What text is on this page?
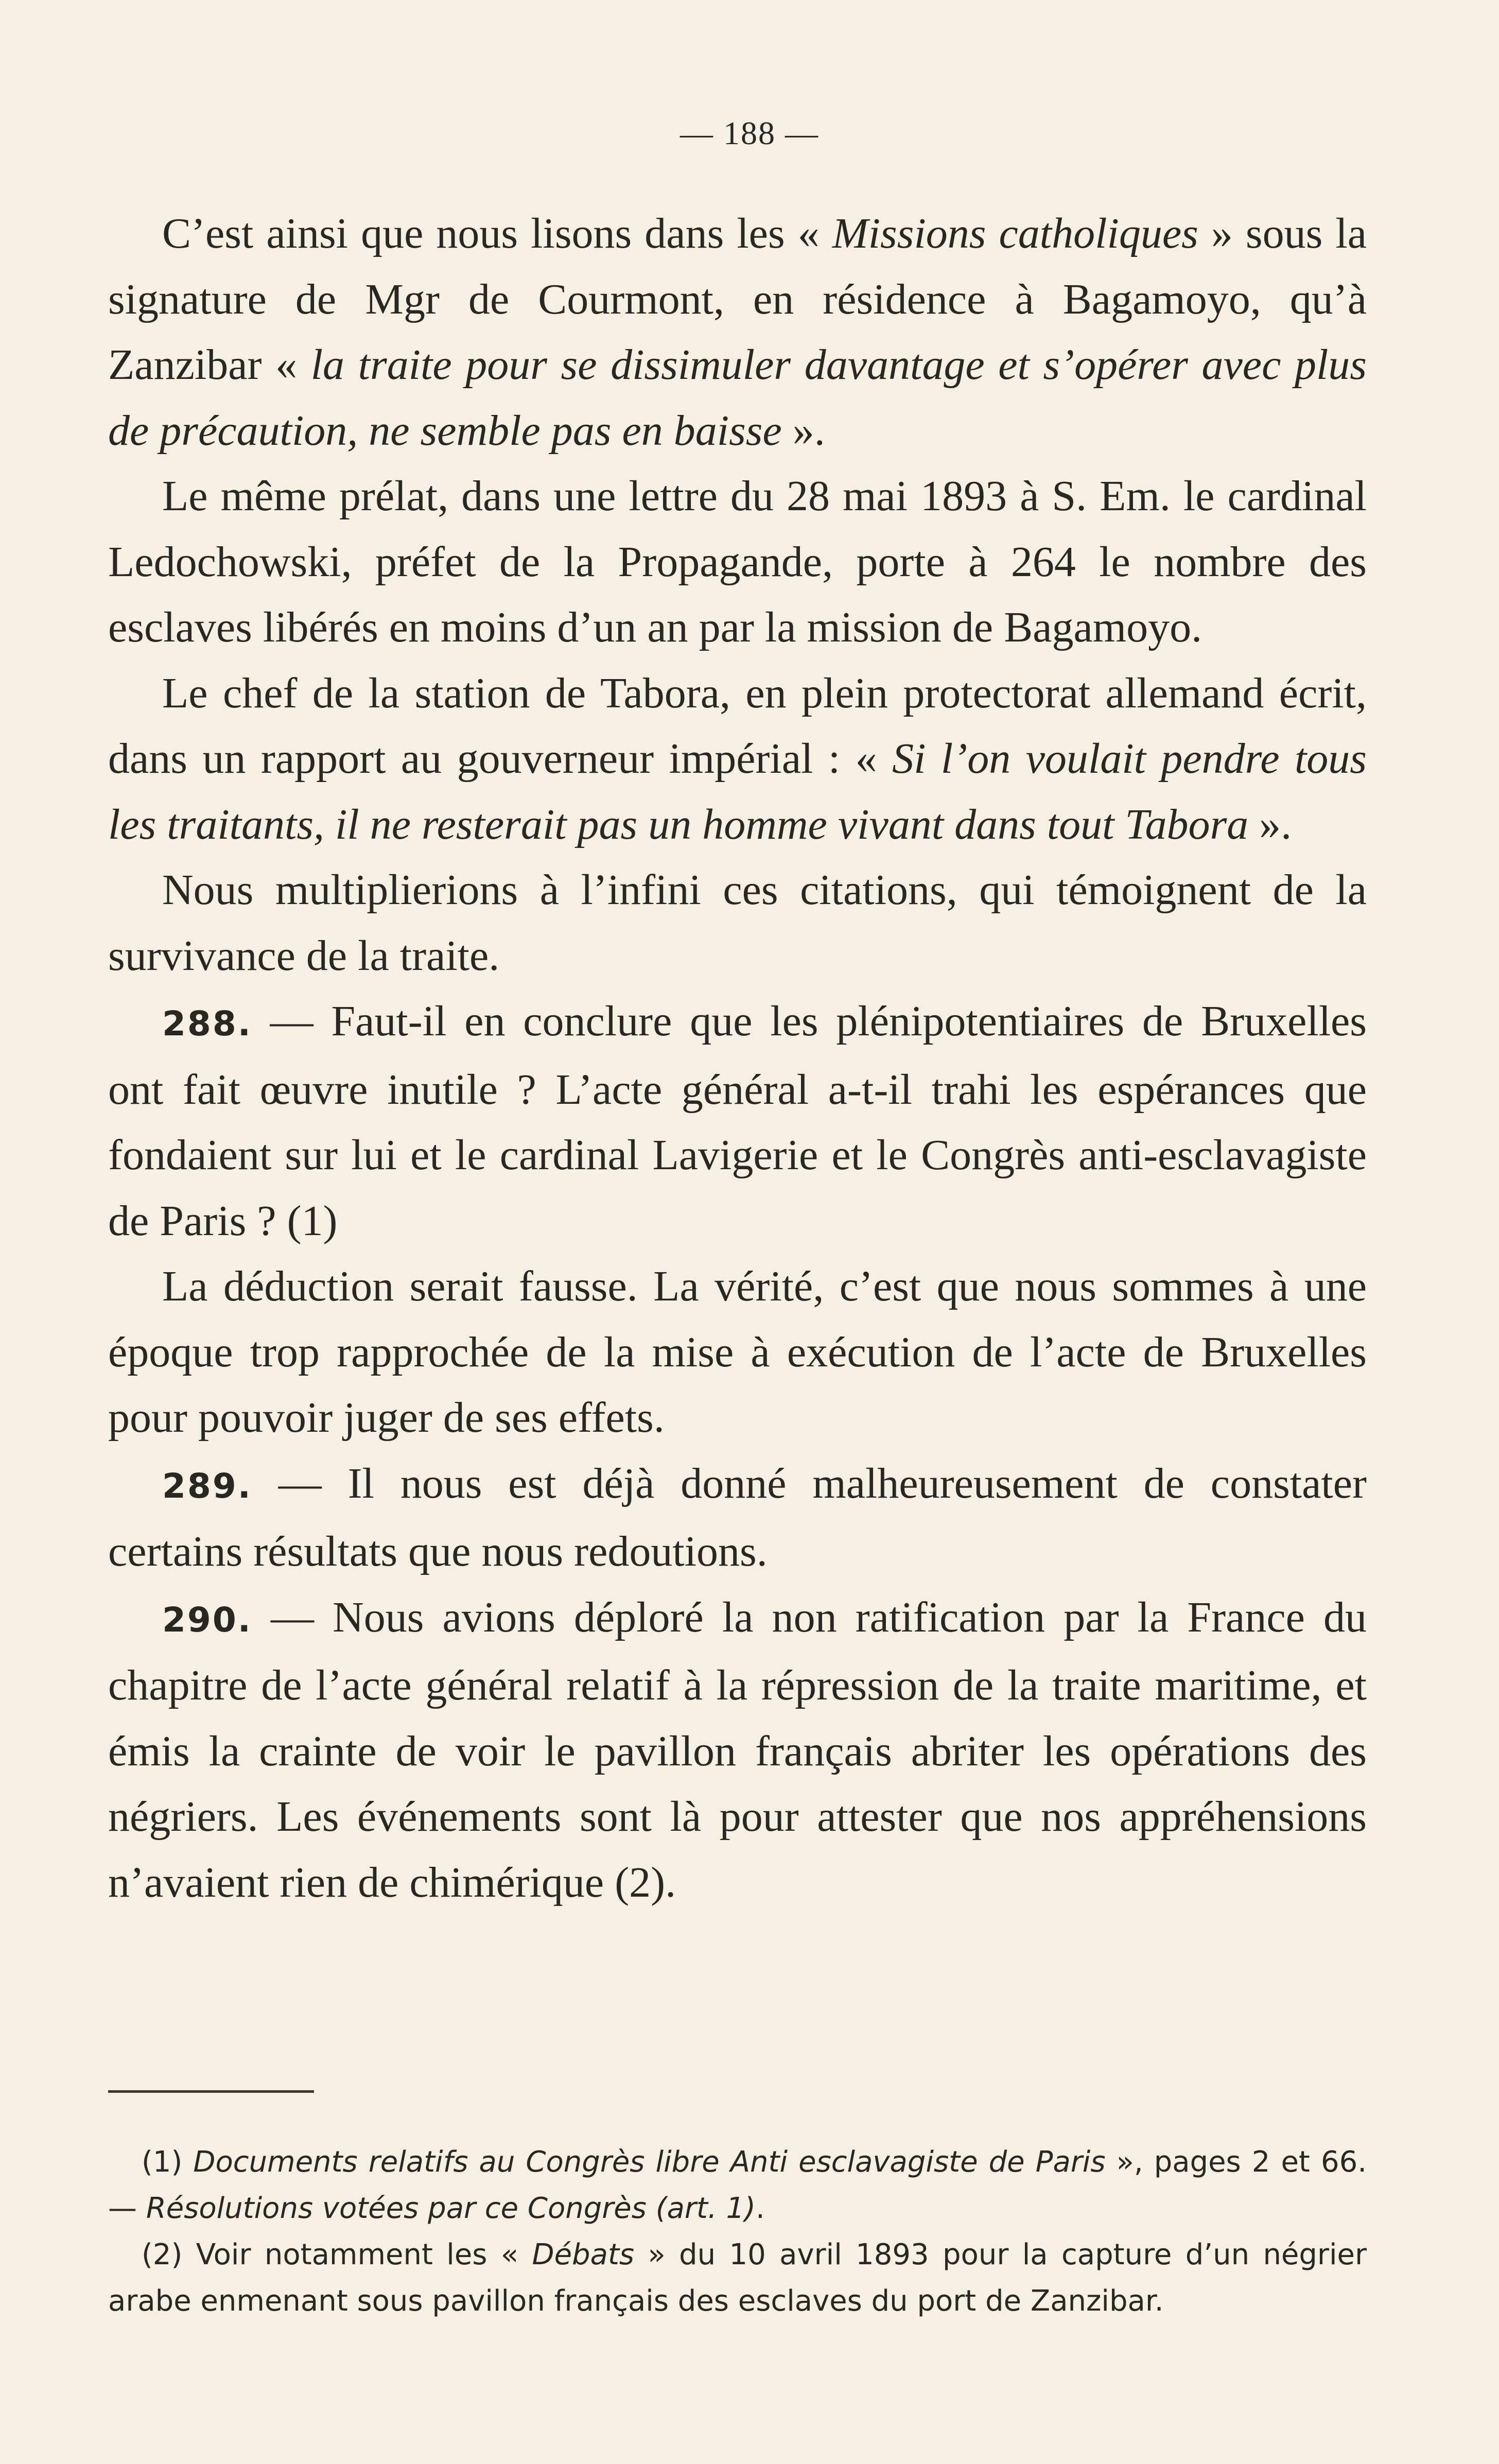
— 188 —

C’est ainsi que nous lisons dans les « Missions catholiques » sous la signature de Mgr de Courmont, en résidence à Bagamoyo, qu’à Zanzibar « la traite pour se dissimuler davantage et s’opérer avec plus de précaution, ne semble pas en baisse ».

Le même prélat, dans une lettre du 28 mai 1893 à S. Em. le cardinal Ledochowski, préfet de la Propagande, porte à 264 le nombre des esclaves libérés en moins d’un an par la mission de Bagamoyo.

Le chef de la station de Tabora, en plein protectorat allemand écrit, dans un rapport au gouverneur impérial : « Si l’on voulait pendre tous les traitants, il ne resterait pas un homme vivant dans tout Tabora ».

Nous multiplierions à l’infini ces citations, qui témoignent de la survivance de la traite.

288. — Faut-il en conclure que les plénipotentiaires de Bruxelles ont fait œuvre inutile ? L’acte général a-t-il trahi les espérances que fondaient sur lui et le cardinal Lavigerie et le Congrès anti-esclavagiste de Paris ? (1)

La déduction serait fausse. La vérité, c’est que nous sommes à une époque trop rapprochée de la mise à exécution de l’acte de Bruxelles pour pouvoir juger de ses effets.

289. — Il nous est déjà donné malheureusement de constater certains résultats que nous redoutions.

290. — Nous avions déploré la non ratification par la France du chapitre de l’acte général relatif à la répression de la traite maritime, et émis la crainte de voir le pavillon français abriter les opérations des négriers. Les événements sont là pour attester que nos appréhensions n’avaient rien de chimérique (2).

(1) Documents relatifs au Congrès libre Anti esclavagiste de Paris », pages 2 et 66. — Résolutions votées par ce Congrès (art. 1).

(2) Voir notamment les « Débats » du 10 avril 1893 pour la capture d’un négrier arabe enmenant sous pavillon français des esclaves du port de Zanzibar.
